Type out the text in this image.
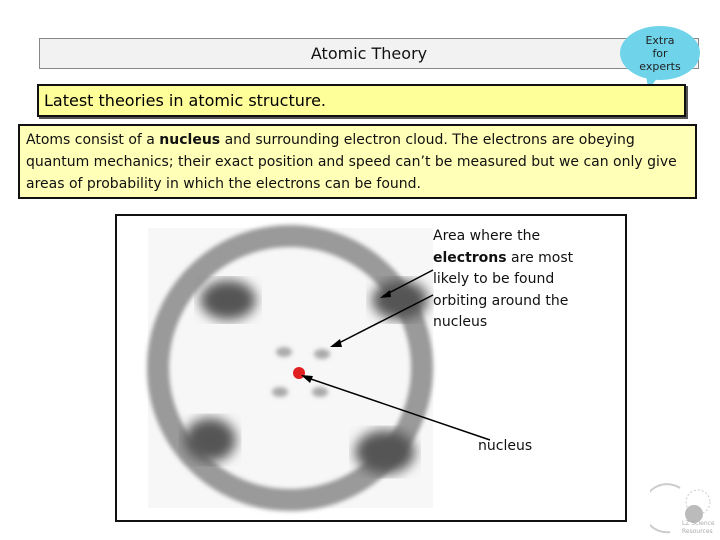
Atomic Theory
Extra
for
experts
Latest theories in atomic structure.
Atoms consist of a nucleus and surrounding electron cloud. The electrons are obeying quantum mechanics; their exact position and speed can’t be measured but we can only give areas of probability in which the electrons can be found.
Area where the electrons are most likely to be found orbiting around the nucleus
nucleus
LZ Science
Resources
